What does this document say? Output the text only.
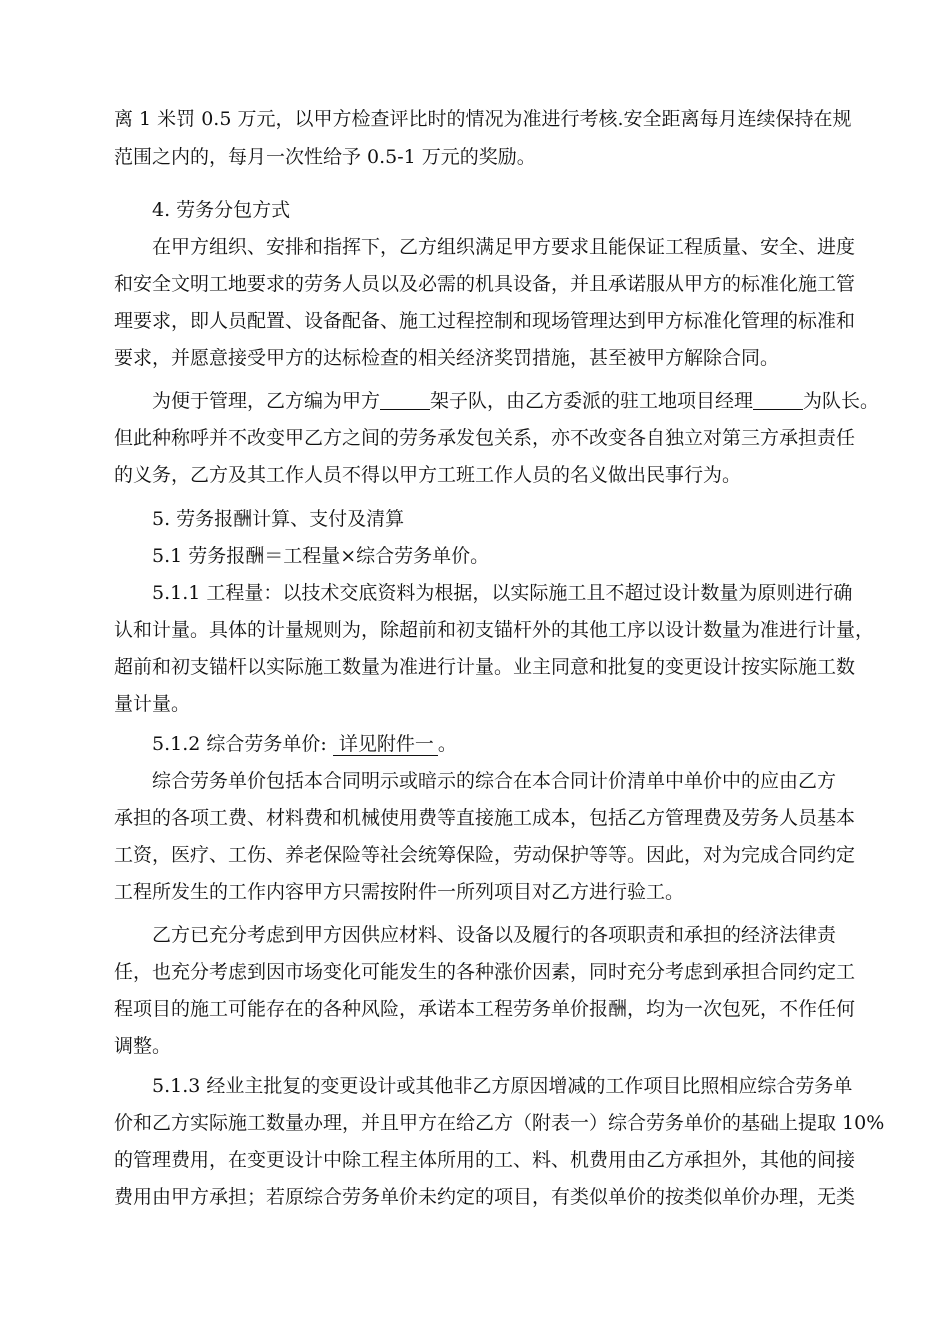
离 1 米罚 0.5 万元，以甲方检查评比时的情况为准进行考核.安全距离每月连续保持在规
范围之内的，每月一次性给予 0.5-1 万元的奖励。
4. 劳务分包方式
在甲方组织、安排和指挥下，乙方组织满足甲方要求且能保证工程质量、安全、进度
和安全文明工地要求的劳务人员以及必需的机具设备，并且承诺服从甲方的标准化施工管
理要求，即人员配置、设备配备、施工过程控制和现场管理达到甲方标准化管理的标准和
要求，并愿意接受甲方的达标检查的相关经济奖罚措施，甚至被甲方解除合同。
为便于管理，乙方编为甲方	架子队，由乙方委派的驻工地项目经理	为队长。
但此种称呼并不改变甲乙方之间的劳务承发包关系，亦不改变各自独立对第三方承担责任
的义务，乙方及其工作人员不得以甲方工班工作人员的名义做出民事行为。
5. 劳务报酬计算、支付及清算
5.1 劳务报酬＝工程量×综合劳务单价。
5.1.1 工程量：以技术交底资料为根据，以实际施工且不超过设计数量为原则进行确
认和计量。具体的计量规则为，除超前和初支锚杆外的其他工序以设计数量为准进行计量，
超前和初支锚杆以实际施工数量为准进行计量。业主同意和批复的变更设计按实际施工数
量计量。
5.1.2 综合劳务单价: 详见附件一 。
综合劳务单价包括本合同明示或暗示的综合在本合同计价清单中单价中的应由乙方
承担的各项工费、材料费和机械使用费等直接施工成本，包括乙方管理费及劳务人员基本
工资，医疗、工伤、养老保险等社会统筹保险，劳动保护等等。因此，对为完成合同约定
工程所发生的工作内容甲方只需按附件一所列项目对乙方进行验工。
乙方已充分考虑到甲方因供应材料、设备以及履行的各项职责和承担的经济法律责
任，也充分考虑到因市场变化可能发生的各种涨价因素，同时充分考虑到承担合同约定工
程项目的施工可能存在的各种风险，承诺本工程劳务单价报酬，均为一次包死，不作任何
调整。
5.1.3 经业主批复的变更设计或其他非乙方原因增减的工作项目比照相应综合劳务单
价和乙方实际施工数量办理，并且甲方在给乙方（附表一）综合劳务单价的基础上提取 10%
的管理费用，在变更设计中除工程主体所用的工、料、机费用由乙方承担外，其他的间接
费用由甲方承担；若原综合劳务单价未约定的项目，有类似单价的按类似单价办理，无类
